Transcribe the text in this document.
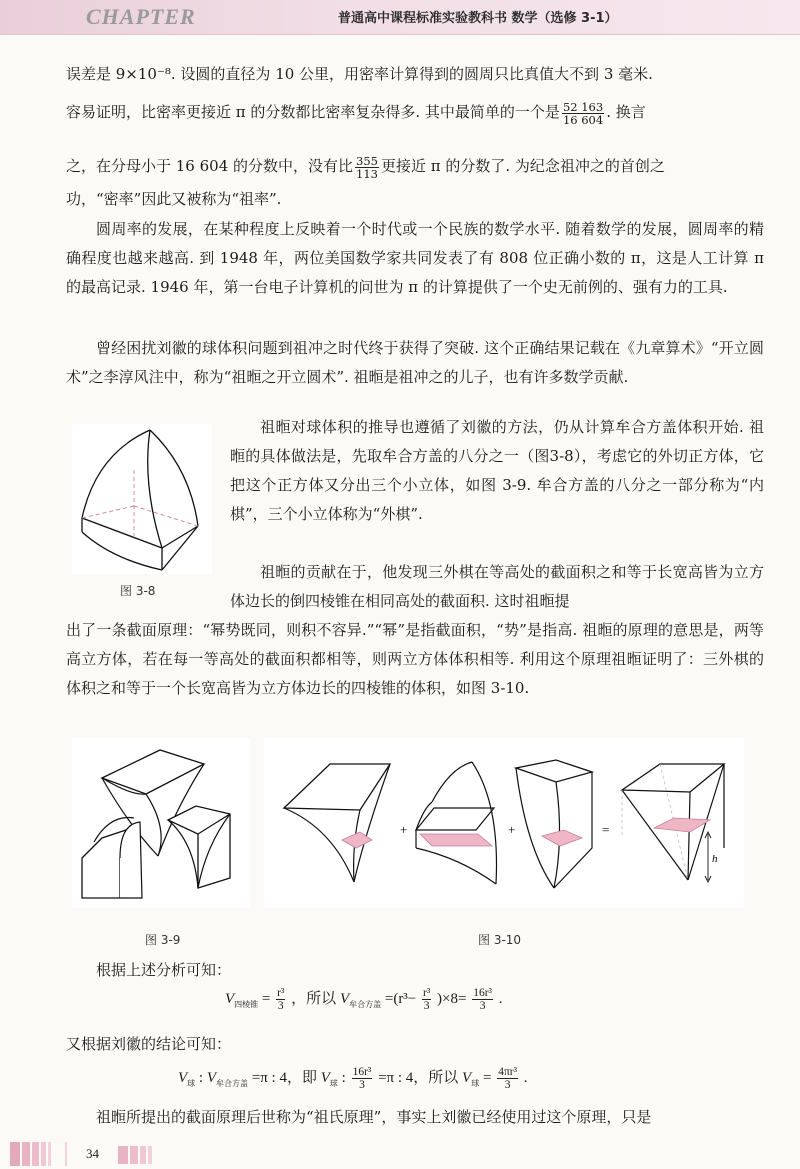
CHAPTER	普通高中课程标准实验教科书 数学（选修 3-1）
误差是 9×10⁻⁸. 设圆的直径为 10 公里，用密率计算得到的圆周只比真值大不到 3 毫米.
容易证明，比密率更接近 π 的分数都比密率复杂得多. 其中最简单的一个是 $\frac{52 163}{16 604}$ . 换言
之，在分母小于 16 604 的分数中，没有比 $\frac{355}{113}$ 更接近 π 的分数了. 为纪念祖冲之的首创之
功，“密率”因此又被称为“祖率”.

圆周率的发展，在某种程度上反映着一个时代或一个民族的数学水平. 随着数学的发展，圆周率的精确程度也越来越高. 到 1948 年，两位美国数学家共同发表了有 808 位正确小数的 π，这是人工计算 π 的最高记录. 1946 年，第一台电子计算机的问世为 π 的计算提供了一个史无前例的、强有力的工具.

曾经困扰刘徽的球体积问题到祖冲之时代终于获得了突破. 这个正确结果记载在《九章算术》“开立圆术”之李淳风注中，称为“祖暅之开立圆术”. 祖暅是祖冲之的儿子，也有许多数学贡献.

图 3-8

祖暅对球体积的推导也遵循了刘徽的方法，仍从计算牟合方盖体积开始. 祖暅的具体做法是，先取牟合方盖的八分之一（图3-8），考虑它的外切正方体，它把这个正方体又分出三个小立体，如图 3-9. 牟合方盖的八分之一部分称为“内棋”，三个小立体称为“外棋”.

祖暅的贡献在于，他发现三外棋在等高处的截面积之和等于长宽高皆为立方体边长的倒四棱锥在相同高处的截面积. 这时祖暅提

出了一条截面原理：“幂势既同，则积不容异.”“幂”是指截面积，“势”是指高. 祖暅的原理的意思是，两等高立方体，若在每一等高处的截面积都相等，则两立方体体积相等. 利用这个原理祖暅证明了：三外棋的体积之和等于一个长宽高皆为立方体边长的四棱锥的体积，如图 3-10.

图 3-9
+	+	=
h
图 3-10
根据上述分析可知：
$V_{四棱锥} = \frac{\text{r³}}{3}$ ，所以 $V_{牟合方盖} =(r^3- \frac{\text{r³}}{3} )\times 8= \frac{\text{16r³}}{3}$ .
又根据刘徽的结论可知：
$V_球$ : $V_{牟合方盖} =\pi$ : 4，即 $V_球$ : $\frac{\text{16r³}}{3} =\pi$ : 4，所以 $V_球 = \frac{\text{4πr³}}{3}$ .
祖暅所提出的截面原理后世称为“祖氏原理”，事实上刘徽已经使用过这个原理，只是
34
